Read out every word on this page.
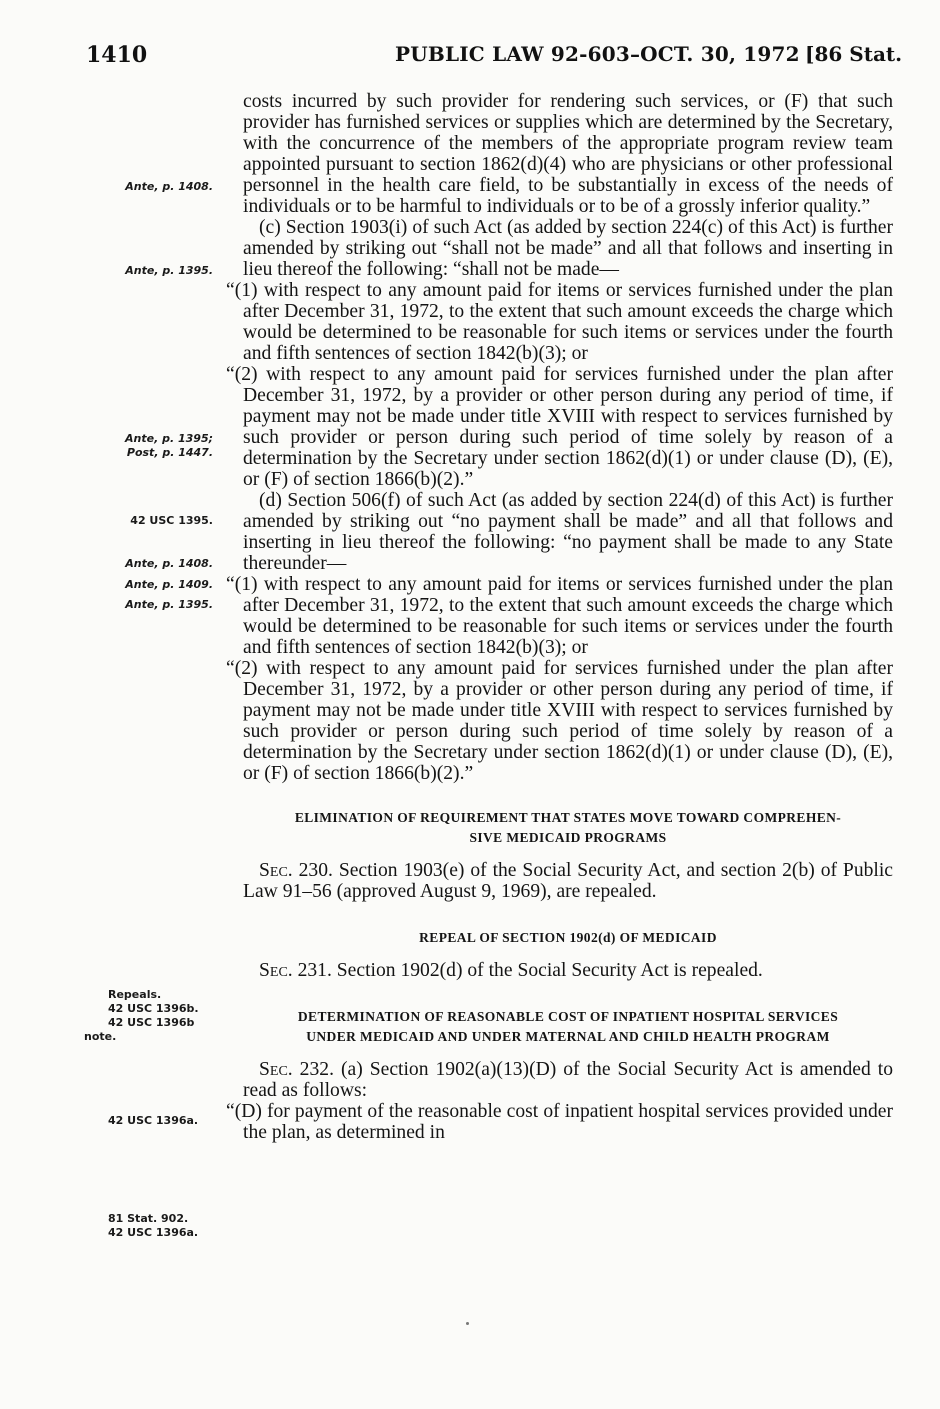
1410	PUBLIC LAW 92-603–OCT. 30, 1972 [86 Stat.
Ante, p. 1408.
Ante, p. 1395.
Ante, p. 1395;
Post, p. 1447.
42 USC 1395.
Ante, p. 1408.
Ante, p. 1409.
Ante, p. 1395.
Repeals.
42 USC 1396b.
42 USC 1396b
note.
42 USC 1396a.
81 Stat. 902.
42 USC 1396a.

costs incurred by such provider for rendering such services, or (F) that such provider has furnished services or supplies which are determined by the Secretary, with the concurrence of the members of the appropriate program review team appointed pursuant to section 1862(d)(4) who are physicians or other professional personnel in the health care field, to be substantially in excess of the needs of individuals or to be harmful to individuals or to be of a grossly inferior quality.”

(c) Section 1903(i) of such Act (as added by section 224(c) of this Act) is further amended by striking out “shall not be made” and all that follows and inserting in lieu thereof the following: “shall not be made—

“(1) with respect to any amount paid for items or services furnished under the plan after December 31, 1972, to the extent that such amount exceeds the charge which would be determined to be reasonable for such items or services under the fourth and fifth sentences of section 1842(b)(3); or

“(2) with respect to any amount paid for services furnished under the plan after December 31, 1972, by a provider or other person during any period of time, if payment may not be made under title XVIII with respect to services furnished by such provider or person during such period of time solely by reason of a determination by the Secretary under section 1862(d)(1) or under clause (D), (E), or (F) of section 1866(b)(2).”

(d) Section 506(f) of such Act (as added by section 224(d) of this Act) is further amended by striking out “no payment shall be made” and all that follows and inserting in lieu thereof the following: “no payment shall be made to any State thereunder—

“(1) with respect to any amount paid for items or services furnished under the plan after December 31, 1972, to the extent that such amount exceeds the charge which would be determined to be reasonable for such items or services under the fourth and fifth sentences of section 1842(b)(3); or

“(2) with respect to any amount paid for services furnished under the plan after December 31, 1972, by a provider or other person during any period of time, if payment may not be made under title XVIII with respect to services furnished by such provider or person during such period of time solely by reason of a determination by the Secretary under section 1862(d)(1) or under clause (D), (E), or (F) of section 1866(b)(2).”

ELIMINATION OF REQUIREMENT THAT STATES MOVE TOWARD COMPREHEN-
SIVE MEDICAID PROGRAMS

Sec. 230. Section 1903(e) of the Social Security Act, and section 2(b) of Public Law 91–56 (approved August 9, 1969), are repealed.

REPEAL OF SECTION 1902(d) OF MEDICAID

Sec. 231. Section 1902(d) of the Social Security Act is repealed.

DETERMINATION OF REASONABLE COST OF INPATIENT HOSPITAL SERVICES
UNDER MEDICAID AND UNDER MATERNAL AND CHILD HEALTH PROGRAM

Sec. 232. (a) Section 1902(a)(13)(D) of the Social Security Act is amended to read as follows:

“(D) for payment of the reasonable cost of inpatient hospital services provided under the plan, as determined in
